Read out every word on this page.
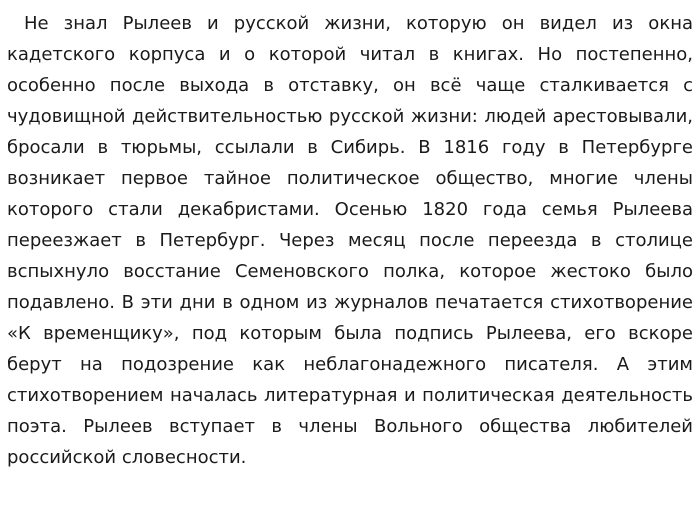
Не знал Рылеев и русской жизни, которую он видел из окна кадетского корпуса и о которой читал в книгах. Но постепенно, особенно после выхода в отставку, он всё чаще сталкивается с чудовищной действительностью русской жизни: людей арестовывали, бросали в тюрьмы, ссылали в Сибирь. В 1816 году в Петербурге возникает первое тайное политическое общество, многие члены которого стали декабристами. Осенью 1820 года семья Рылеева переезжает в Петербург. Через месяц после переезда в столице вспыхнуло восстание Семеновского полка, которое жестоко было подавлено. В эти дни в одном из журналов печатается стихотворение «К временщику», под которым была подпись Рылеева, его вскоре берут на подозрение как неблагонадежного писателя. А этим стихотворением началась литературная и политическая деятельность поэта. Рылеев вступает в члены Вольного общества любителей российской словесности.
